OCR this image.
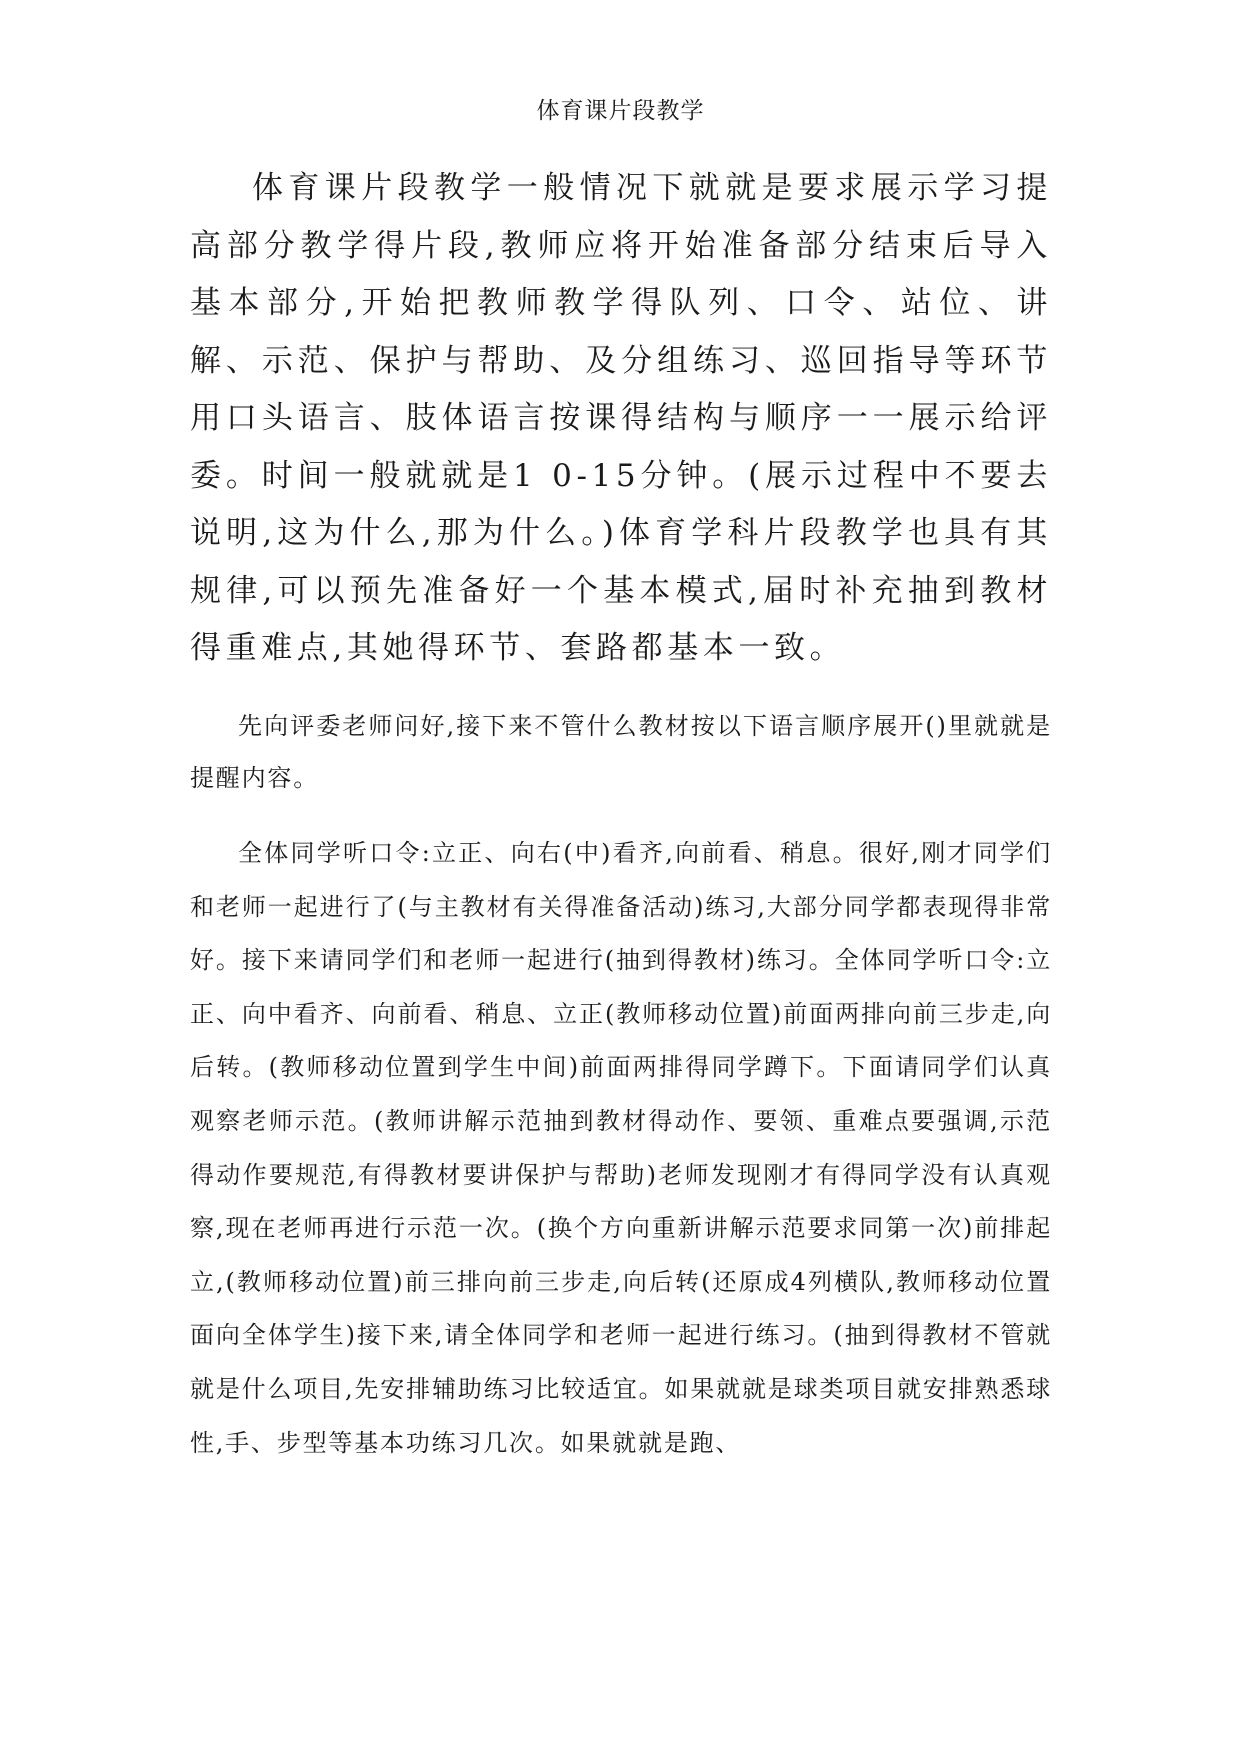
体育课片段教学

体育课片段教学一般情况下就就是要求展示学习提高部分教学得片段,教师应将开始准备部分结束后导入基本部分,开始把教师教学得队列、口令、站位、讲解、示范、保护与帮助、及分组练习、巡回指导等环节用口头语言、肢体语言按课得结构与顺序一一展示给评委。时间一般就就是1 0-15分钟。(展示过程中不要去说明,这为什么,那为什么。)体育学科片段教学也具有其规律,可以预先准备好一个基本模式,届时补充抽到教材得重难点,其她得环节、套路都基本一致。

先向评委老师问好,接下来不管什么教材按以下语言顺序展开()里就就是提醒内容。

全体同学听口令:立正、向右(中)看齐,向前看、稍息。很好,刚才同学们和老师一起进行了(与主教材有关得准备活动)练习,大部分同学都表现得非常好。接下来请同学们和老师一起进行(抽到得教材)练习。全体同学听口令:立正、向中看齐、向前看、稍息、立正(教师移动位置)前面两排向前三步走,向后转。(教师移动位置到学生中间)前面两排得同学蹲下。下面请同学们认真观察老师示范。(教师讲解示范抽到教材得动作、要领、重难点要强调,示范得动作要规范,有得教材要讲保护与帮助)老师发现刚才有得同学没有认真观察,现在老师再进行示范一次。(换个方向重新讲解示范要求同第一次)前排起立,(教师移动位置)前三排向前三步走,向后转(还原成4列横队,教师移动位置面向全体学生)接下来,请全体同学和老师一起进行练习。(抽到得教材不管就就是什么项目,先安排辅助练习比较适宜。如果就就是球类项目就安排熟悉球性,手、步型等基本功练习几次。如果就就是跑、
